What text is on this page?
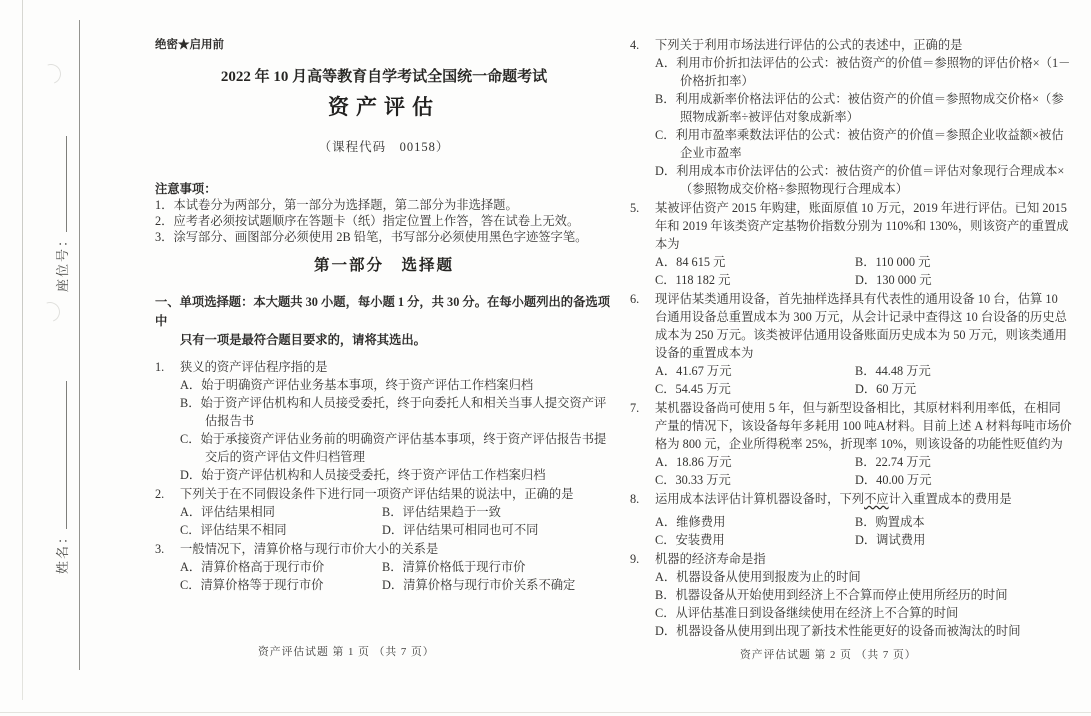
座位号：
姓名：
绝密★启用前
2022 年 10 月高等教育自学考试全国统一命题考试
资产评估
（课程代码　00158）
注意事项：
1．本试卷分为两部分，第一部分为选择题，第二部分为非选择题。
2．应考者必须按试题顺序在答题卡（纸）指定位置上作答，答在试卷上无效。
3．涂写部分、画图部分必须使用 2B 铅笔，书写部分必须使用黑色字迹签字笔。
第一部分　选择题
一、单项选择题：本大题共 30 小题，每小题 1 分，共 30 分。在每小题列出的备选项中
只有一项是最符合题目要求的，请将其选出。
1.	狭义的资产评估程序指的是
A．始于明确资产评估业务基本事项，终于资产评估工作档案归档
B．始于资产评估机构和人员接受委托，终于向委托人和相关当事人提交资产评估报告书
C．始于承接资产评估业务前的明确资产评估基本事项，终于资产评估报告书提交后的资产评估文件归档管理
D．始于资产评估机构和人员接受委托，终于资产评估工作档案归档
2.	下列关于在不同假设条件下进行同一项资产评估结果的说法中，正确的是
A．评估结果相同	B．评估结果趋于一致
C．评估结果不相同	D．评估结果可相同也可不同
3.	一般情况下，清算价格与现行市价大小的关系是
A．清算价格高于现行市价	B．清算价格低于现行市价
C．清算价格等于现行市价	D．清算价格与现行市价关系不确定
资产评估试题 第 1 页 （共 7 页）
4.	下列关于利用市场法进行评估的公式的表述中，正确的是
A．利用市价折扣法评估的公式：被估资产的价值＝参照物的评估价格×（1－价格折扣率）
B．利用成新率价格法评估的公式：被估资产的价值＝参照物成交价格×（参照物成新率÷被评估对象成新率）
C．利用市盈率乘数法评估的公式：被估资产的价值＝参照企业收益额×被估企业市盈率
D．利用成本市价法评估的公式：被估资产的价值＝评估对象现行合理成本×（参照物成交价格÷参照物现行合理成本）
5.	某被评估资产 2015 年购建，账面原值 10 万元，2019 年进行评估。已知 2015 年和 2019 年该类资产定基物价指数分别为 110%和 130%，则该资产的重置成本为
A．84 615 元	B．110 000 元
C．118 182 元	D．130 000 元
6.	现评估某类通用设备，首先抽样选择具有代表性的通用设备 10 台，估算 10 台通用设备总重置成本为 300 万元，从会计记录中查得这 10 台设备的历史总成本为 250 万元。该类被评估通用设备账面历史成本为 50 万元，则该类通用设备的重置成本为
A．41.67 万元	B．44.48 万元
C．54.45 万元	D．60 万元
7.	某机器设备尚可使用 5 年，但与新型设备相比，其原材料利用率低，在相同产量的情况下，该设备每年多耗用 100 吨A材料。目前上述 A 材料每吨市场价格为 800 元，企业所得税率 25%，折现率 10%，则该设备的功能性贬值约为
A．18.86 万元	B．22.74 万元
C．30.33 万元	D．40.00 万元
8.	运用成本法评估计算机器设备时，下列不应计入重置成本的费用是
A．维修费用	B．购置成本
C．安装费用	D．调试费用
9.	机器的经济寿命是指
A．机器设备从使用到报废为止的时间
B．机器设备从开始使用到经济上不合算而停止使用所经历的时间
C．从评估基准日到设备继续使用在经济上不合算的时间
D．机器设备从使用到出现了新技术性能更好的设备而被淘汰的时间
资产评估试题 第 2 页 （共 7 页）
